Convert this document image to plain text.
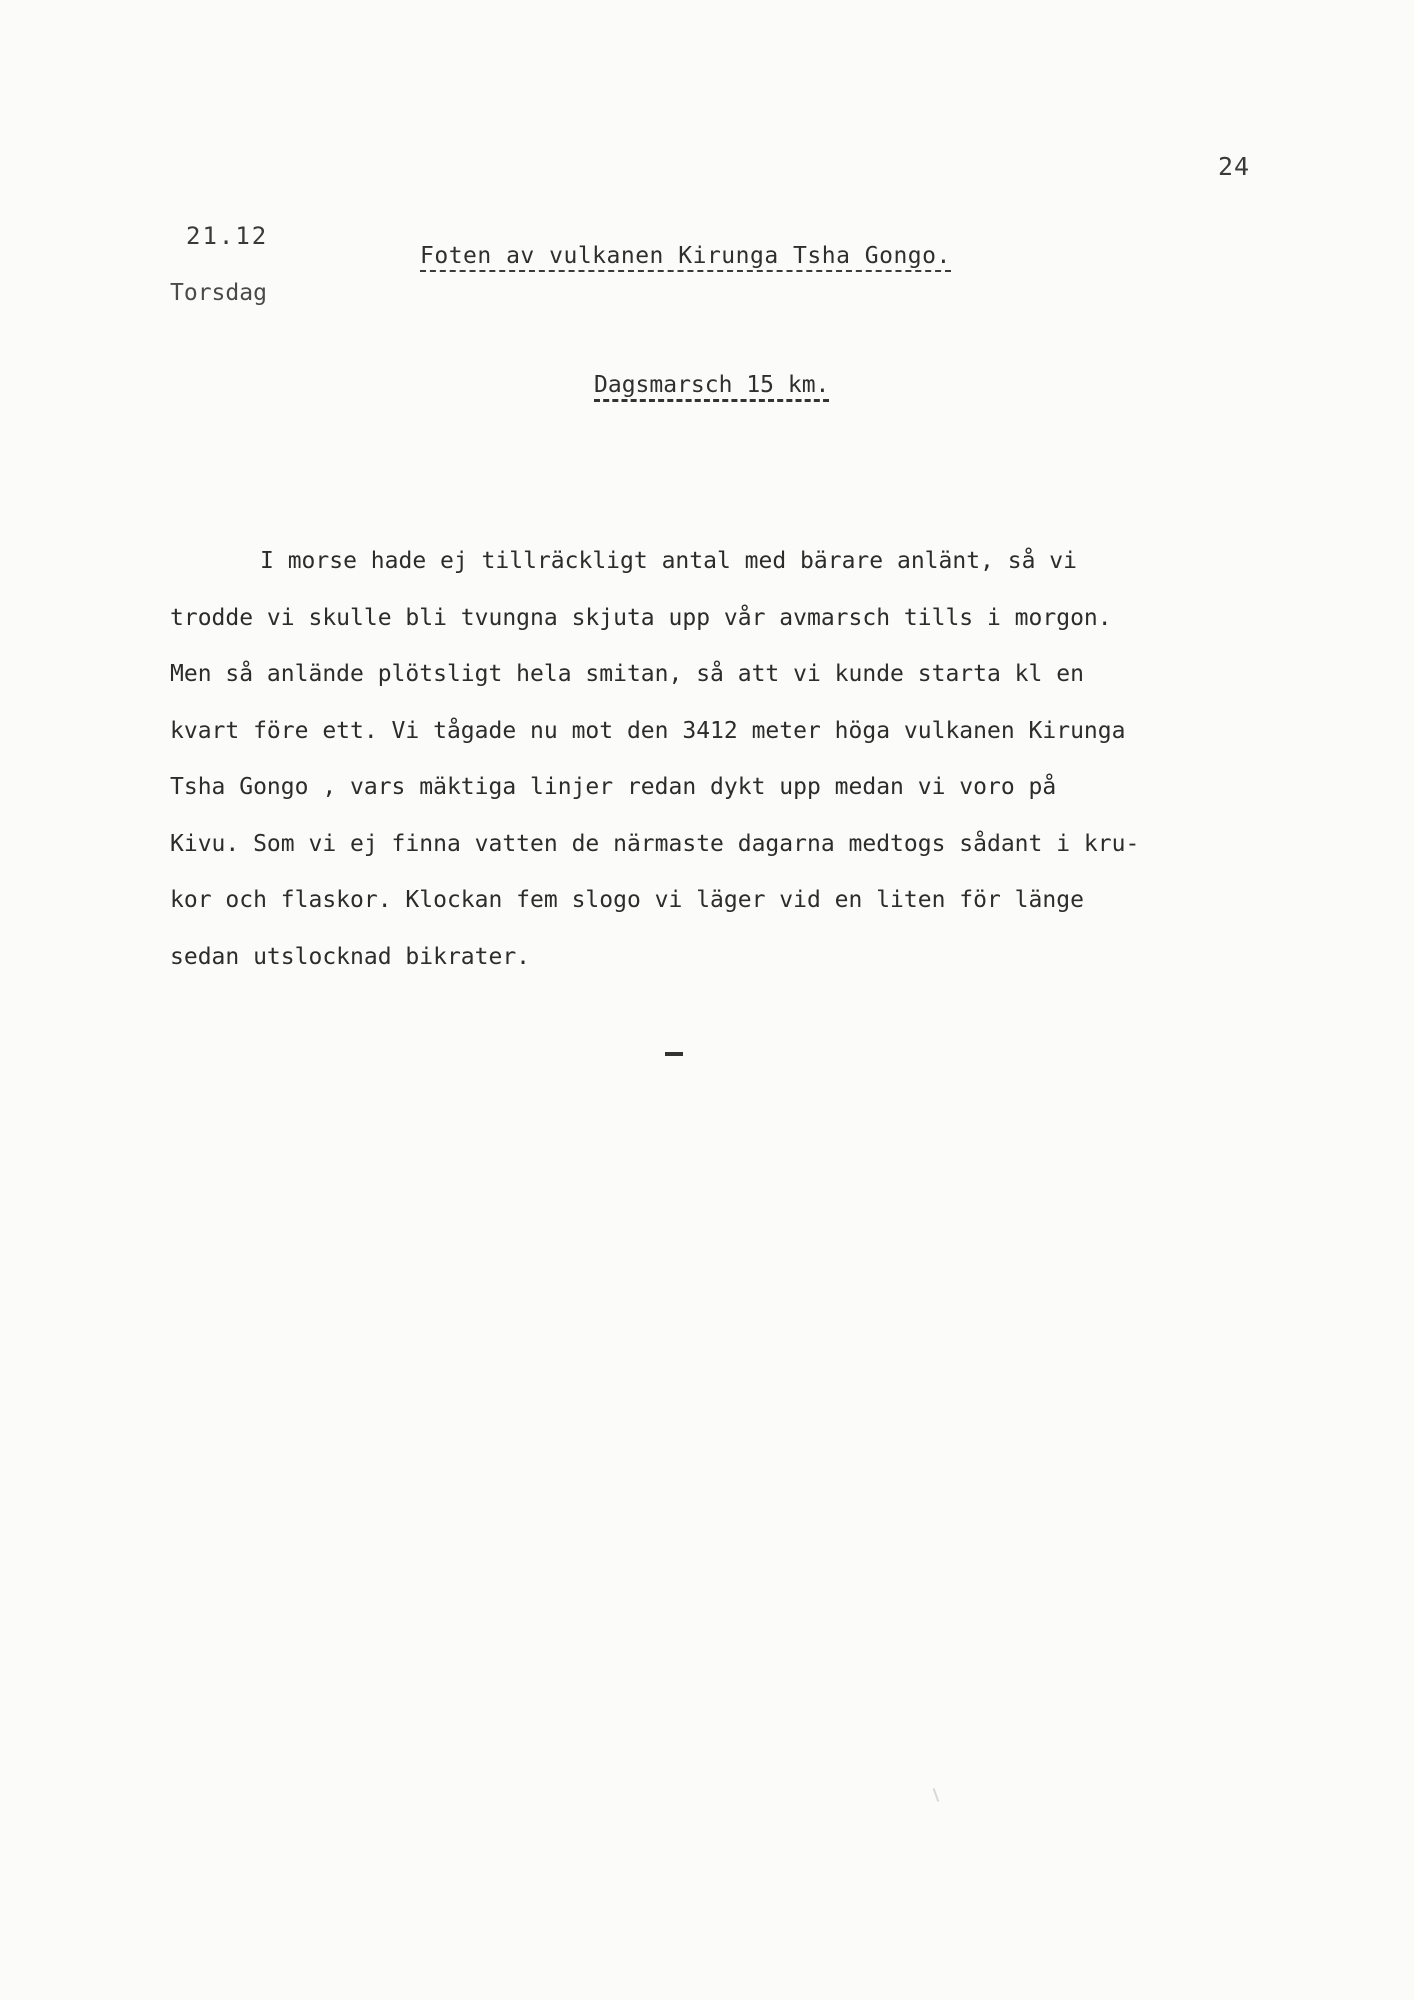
24
21.12
Torsdag
Foten av vulkanen Kirunga Tsha Gongo.
Dagsmarsch 15 km.
I morse hade ej tillräckligt antal med bärare anlänt, så vi
trodde vi skulle bli tvungna skjuta upp vår avmarsch tills i morgon.
Men så anlände plötsligt hela smitan, så att vi kunde starta kl en
kvart före ett. Vi tågade nu mot den 3412 meter höga vulkanen Kirunga
Tsha Gongo , vars mäktiga linjer redan dykt upp medan vi voro på
Kivu. Som vi ej finna vatten de närmaste dagarna medtogs sådant i kru-
kor och flaskor. Klockan fem slogo vi läger vid en liten för länge
sedan utslocknad bikrater.
